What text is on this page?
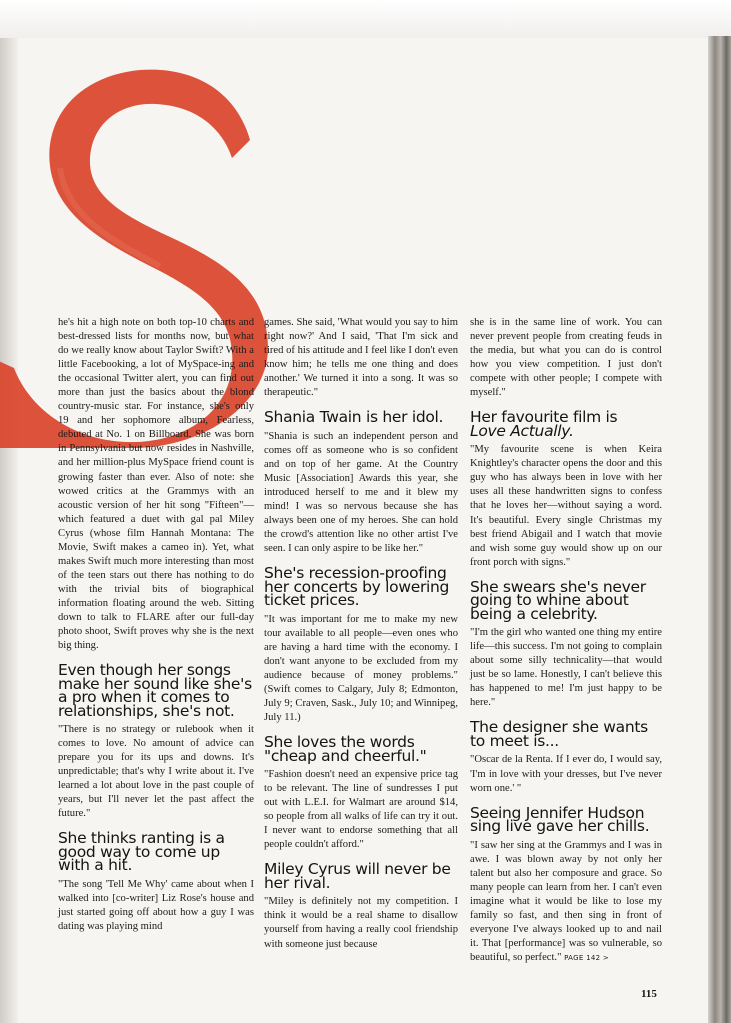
he's hit a high note on both top-10 charts and best-dressed lists for months now, but what do we really know about Taylor Swift? With a little Facebooking, a lot of MySpace-ing and the occasional Twitter alert, you can find out more than just the basics about the blond country-music star. For instance, she's only 19 and her sophomore album, Fearless, debuted at No. 1 on Billboard. She was born in Pennsylvania but now resides in Nashville, and her million-plus MySpace friend count is growing faster than ever. Also of note: she wowed critics at the Grammys with an acoustic version of her hit song "Fifteen"—which featured a duet with gal pal Miley Cyrus (whose film Hannah Montana: The Movie, Swift makes a cameo in). Yet, what makes Swift much more interesting than most of the teen stars out there has nothing to do with the trivial bits of biographical information floating around the web. Sitting down to talk to FLARE after our full-day photo shoot, Swift proves why she is the next big thing.

Even though her songs make her sound like she's a pro when it comes to relationships, she's not.

"There is no strategy or rulebook when it comes to love. No amount of advice can prepare you for its ups and downs. It's unpredictable; that's why I write about it. I've learned a lot about love in the past couple of years, but I'll never let the past affect the future."

She thinks ranting is a good way to come up with a hit.

"The song 'Tell Me Why' came about when I walked into [co-writer] Liz Rose's house and just started going off about how a guy I was dating was playing mind

games. She said, 'What would you say to him right now?' And I said, 'That I'm sick and tired of his attitude and I feel like I don't even know him; he tells me one thing and does another.' We turned it into a song. It was so therapeutic."

Shania Twain is her idol.

"Shania is such an independent person and comes off as someone who is so confident and on top of her game. At the Country Music [Association] Awards this year, she introduced herself to me and it blew my mind! I was so nervous because she has always been one of my heroes. She can hold the crowd's attention like no other artist I've seen. I can only aspire to be like her."

She's recession-proofing her concerts by lowering ticket prices.

"It was important for me to make my new tour available to all people—even ones who are having a hard time with the economy. I don't want anyone to be excluded from my audience because of money problems." (Swift comes to Calgary, July 8; Edmonton, July 9; Craven, Sask., July 10; and Winnipeg, July 11.)

She loves the words "cheap and cheerful."

"Fashion doesn't need an expensive price tag to be relevant. The line of sundresses I put out with L.E.I. for Walmart are around $14, so people from all walks of life can try it out. I never want to endorse something that all people couldn't afford."

Miley Cyrus will never be her rival.

"Miley is definitely not my competition. I think it would be a real shame to disallow yourself from having a really cool friendship with someone just because

she is in the same line of work. You can never prevent people from creating feuds in the media, but what you can do is control how you view competition. I just don't compete with other people; I compete with myself."

Her favourite film is
Love Actually.

"My favourite scene is when Keira Knightley's character opens the door and this guy who has always been in love with her uses all these handwritten signs to confess that he loves her—without saying a word. It's beautiful. Every single Christmas my best friend Abigail and I watch that movie and wish some guy would show up on our front porch with signs."

She swears she's never going to whine about being a celebrity.

"I'm the girl who wanted one thing my entire life—this success. I'm not going to complain about some silly technicality—that would just be so lame. Honestly, I can't believe this has happened to me! I'm just happy to be here."

The designer she wants to meet is...

"Oscar de la Renta. If I ever do, I would say, 'I'm in love with your dresses, but I've never worn one.' "

Seeing Jennifer Hudson sing live gave her chills.

"I saw her sing at the Grammys and I was in awe. I was blown away by not only her talent but also her composure and grace. So many people can learn from her. I can't even imagine what it would be like to lose my family so fast, and then sing in front of everyone I've always looked up to and nail it. That [performance] was so vulnerable, so beautiful, so perfect." PAGE 142 >

115
